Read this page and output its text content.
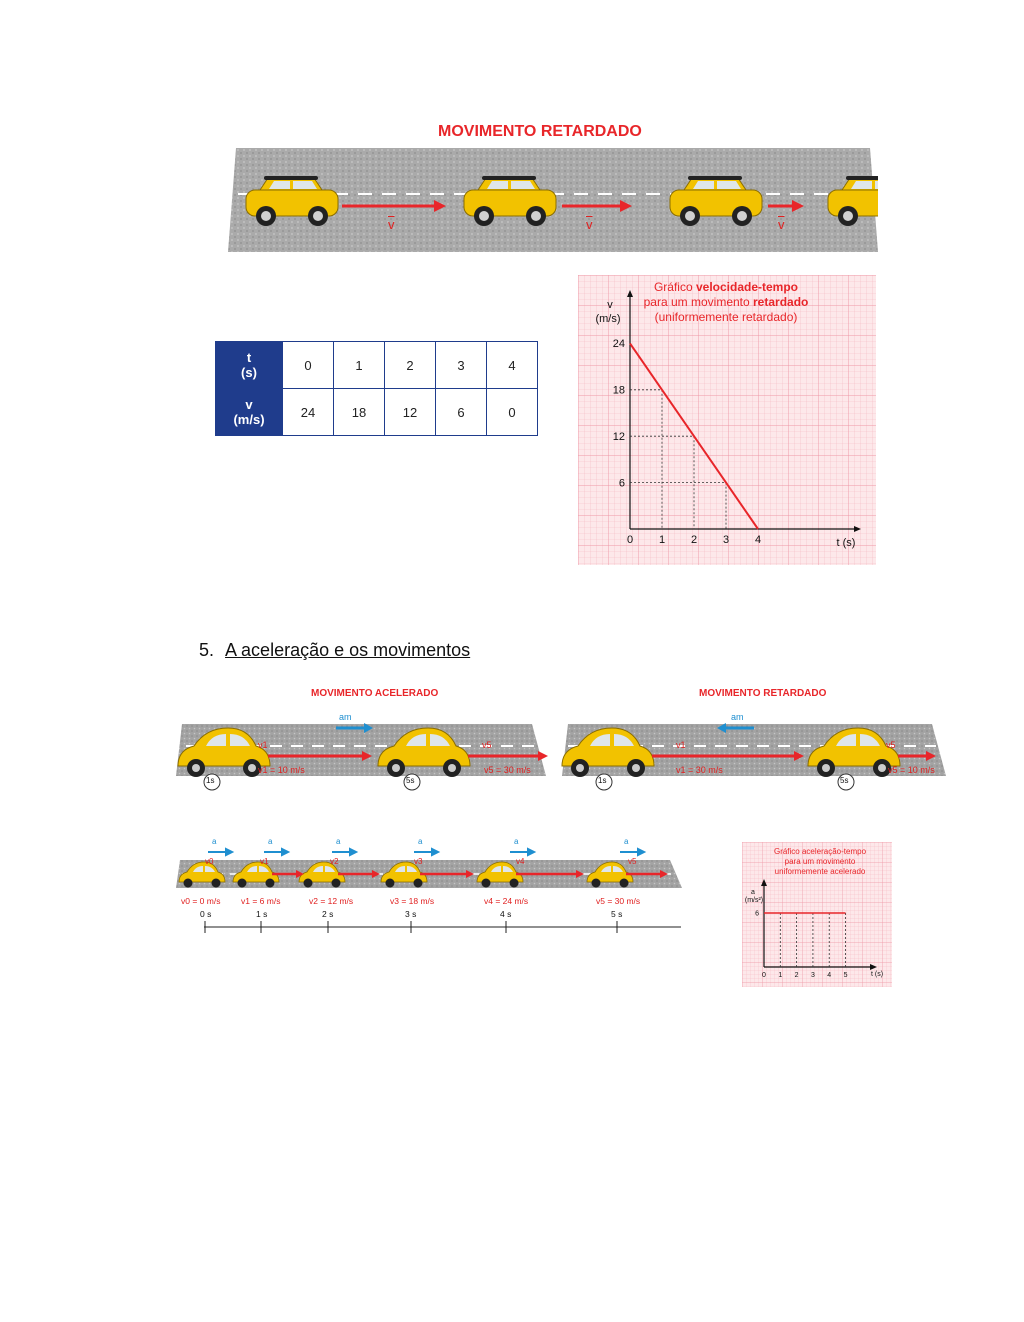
MOVIMENTO RETARDADO
$\overline{v}$	$\overline{v}$	$\overline{v}$
t
(s)	0	1	2	3	4
v
(m/s)	24	18	12	6	0
0 1 2 3 4
6
12
18
24
Gráfico velocidade-tempo
para um movimento retardado
(uniformemente retardado)
v
(m/s)
t (s)
5. A aceleração e os movimentos
MOVIMENTO ACELERADO	MOVIMENTO RETARDADO
am
v1	v5
v1 = 10 m/s	v5 = 30 m/s
1s	5s
am
v1	v5
v1 = 30 m/s	v5 = 10 m/s
1s	5s
a	a	a	a	a	a
v0	v1	v2	v3	v4	v5
v0 = 0 m/s v1 = 6 m/s	v2 = 12 m/s	v3 = 18 m/s	v4 = 24 m/s	v5 = 30 m/s
0 s	1 s	2 s	3 s	4 s	5 s
0 1 2 3 4 5
6
Gráfico aceleração-tempo
para um movimento
uniformemente acelerado
a
(m/s²)
t (s)
